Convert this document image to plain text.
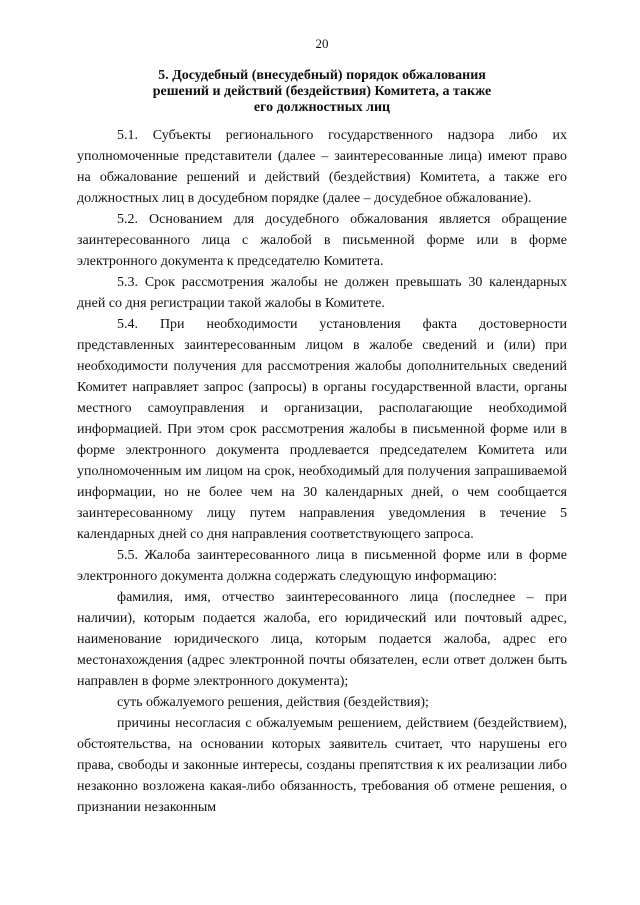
20
5. Досудебный (внесудебный) порядок обжалования
решений и действий (бездействия) Комитета, а также
его должностных лиц

5.1. Субъекты регионального государственного надзора либо их уполномоченные представители (далее – заинтересованные лица) имеют право на обжалование решений и действий (бездействия) Комитета, а также его должностных лиц в досудебном порядке (далее – досудебное обжалование).

5.2. Основанием для досудебного обжалования является обращение заинтересованного лица с жалобой в письменной форме или в форме электронного документа к председателю Комитета.

5.3. Срок рассмотрения жалобы не должен превышать 30 календарных дней со дня регистрации такой жалобы в Комитете.

5.4. При необходимости установления факта достоверности представленных заинтересованным лицом в жалобе сведений и (или) при необходимости получения для рассмотрения жалобы дополнительных сведений Комитет направляет запрос (запросы) в органы государственной власти, органы местного самоуправления и организации, располагающие необходимой информацией. При этом срок рассмотрения жалобы в письменной форме или в форме электронного документа продлевается председателем Комитета или уполномоченным им лицом на срок, необходимый для получения запрашиваемой информации, но не более чем на 30 календарных дней, о чем сообщается заинтересованному лицу путем направления уведомления в течение 5 календарных дней со дня направления соответствующего запроса.

5.5. Жалоба заинтересованного лица в письменной форме или в форме электронного документа должна содержать следующую информацию:

фамилия, имя, отчество заинтересованного лица (последнее – при наличии), которым подается жалоба, его юридический или почтовый адрес, наименование юридического лица, которым подается жалоба, адрес его местонахождения (адрес электронной почты обязателен, если ответ должен быть направлен в форме электронного документа);

суть обжалуемого решения, действия (бездействия);

причины несогласия с обжалуемым решением, действием (бездействием), обстоятельства, на основании которых заявитель считает, что нарушены его права, свободы и законные интересы, созданы препятствия к их реализации либо незаконно возложена какая-либо обязанность, требования об отмене решения, о признании незаконным
